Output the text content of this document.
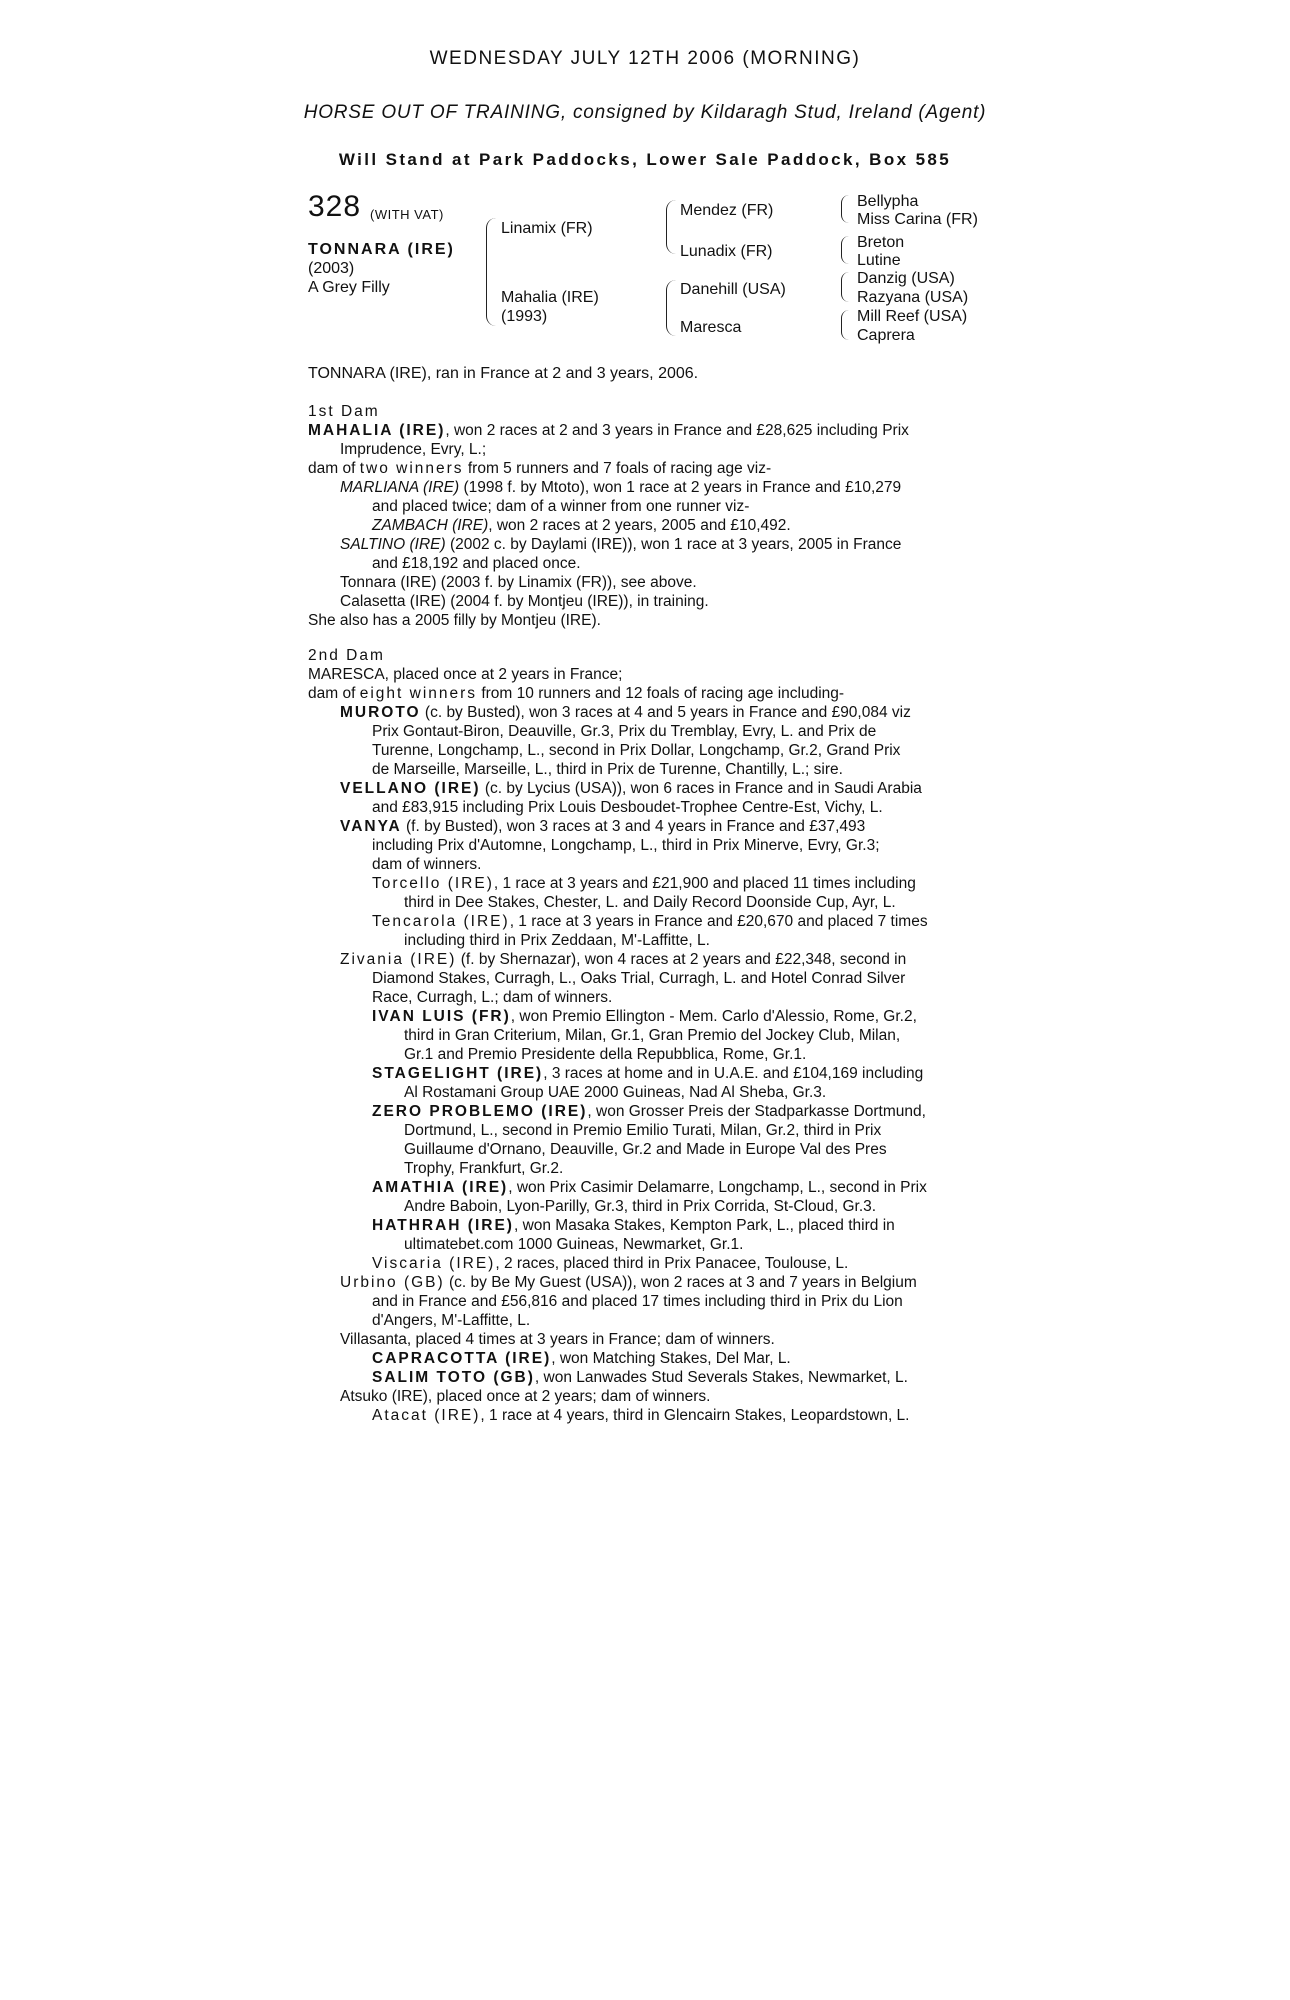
WEDNESDAY JULY 12TH 2006 (MORNING)
HORSE OUT OF TRAINING, consigned by Kildaragh Stud, Ireland (Agent)
Will Stand at Park Paddocks, Lower Sale Paddock, Box 585
328 (WITH VAT)
TONNARA (IRE)
(2003)
A Grey Filly
Linamix (FR)
Mahalia (IRE)
(1993)
Mendez (FR)
Lunadix (FR)
Danehill (USA)
Maresca
Bellypha
Miss Carina (FR)
Breton
Lutine
Danzig (USA)
Razyana (USA)
Mill Reef (USA)
Caprera
TONNARA (IRE), ran in France at 2 and 3 years, 2006.

1st Dam

MAHALIA (IRE), won 2 races at 2 and 3 years in France and £28,625 including Prix

Imprudence, Evry, L.;

dam of two winners from 5 runners and 7 foals of racing age viz-

MARLIANA (IRE) (1998 f. by Mtoto), won 1 race at 2 years in France and £10,279

and placed twice; dam of a winner from one runner viz-

ZAMBACH (IRE), won 2 races at 2 years, 2005 and £10,492.

SALTINO (IRE) (2002 c. by Daylami (IRE)), won 1 race at 3 years, 2005 in France

and £18,192 and placed once.

Tonnara (IRE) (2003 f. by Linamix (FR)), see above.

Calasetta (IRE) (2004 f. by Montjeu (IRE)), in training.

She also has a 2005 filly by Montjeu (IRE).

2nd Dam

MARESCA, placed once at 2 years in France;

dam of eight winners from 10 runners and 12 foals of racing age including-

MUROTO (c. by Busted), won 3 races at 4 and 5 years in France and £90,084 viz

Prix Gontaut-Biron, Deauville, Gr.3, Prix du Tremblay, Evry, L. and Prix de

Turenne, Longchamp, L., second in Prix Dollar, Longchamp, Gr.2, Grand Prix

de Marseille, Marseille, L., third in Prix de Turenne, Chantilly, L.; sire.

VELLANO (IRE) (c. by Lycius (USA)), won 6 races in France and in Saudi Arabia

and £83,915 including Prix Louis Desboudet-Trophee Centre-Est, Vichy, L.

VANYA (f. by Busted), won 3 races at 3 and 4 years in France and £37,493

including Prix d'Automne, Longchamp, L., third in Prix Minerve, Evry, Gr.3;

dam of winners.

Torcello (IRE), 1 race at 3 years and £21,900 and placed 11 times including

third in Dee Stakes, Chester, L. and Daily Record Doonside Cup, Ayr, L.

Tencarola (IRE), 1 race at 3 years in France and £20,670 and placed 7 times

including third in Prix Zeddaan, M'-Laffitte, L.

Zivania (IRE) (f. by Shernazar), won 4 races at 2 years and £22,348, second in

Diamond Stakes, Curragh, L., Oaks Trial, Curragh, L. and Hotel Conrad Silver

Race, Curragh, L.; dam of winners.

IVAN LUIS (FR), won Premio Ellington - Mem. Carlo d'Alessio, Rome, Gr.2,

third in Gran Criterium, Milan, Gr.1, Gran Premio del Jockey Club, Milan,

Gr.1 and Premio Presidente della Repubblica, Rome, Gr.1.

STAGELIGHT (IRE), 3 races at home and in U.A.E. and £104,169 including

Al Rostamani Group UAE 2000 Guineas, Nad Al Sheba, Gr.3.

ZERO PROBLEMO (IRE), won Grosser Preis der Stadparkasse Dortmund,

Dortmund, L., second in Premio Emilio Turati, Milan, Gr.2, third in Prix

Guillaume d'Ornano, Deauville, Gr.2 and Made in Europe Val des Pres

Trophy, Frankfurt, Gr.2.

AMATHIA (IRE), won Prix Casimir Delamarre, Longchamp, L., second in Prix

Andre Baboin, Lyon-Parilly, Gr.3, third in Prix Corrida, St-Cloud, Gr.3.

HATHRAH (IRE), won Masaka Stakes, Kempton Park, L., placed third in

ultimatebet.com 1000 Guineas, Newmarket, Gr.1.

Viscaria (IRE), 2 races, placed third in Prix Panacee, Toulouse, L.

Urbino (GB) (c. by Be My Guest (USA)), won 2 races at 3 and 7 years in Belgium

and in France and £56,816 and placed 17 times including third in Prix du Lion

d'Angers, M'-Laffitte, L.

Villasanta, placed 4 times at 3 years in France; dam of winners.

CAPRACOTTA (IRE), won Matching Stakes, Del Mar, L.

SALIM TOTO (GB), won Lanwades Stud Severals Stakes, Newmarket, L.

Atsuko (IRE), placed once at 2 years; dam of winners.

Atacat (IRE), 1 race at 4 years, third in Glencairn Stakes, Leopardstown, L.
